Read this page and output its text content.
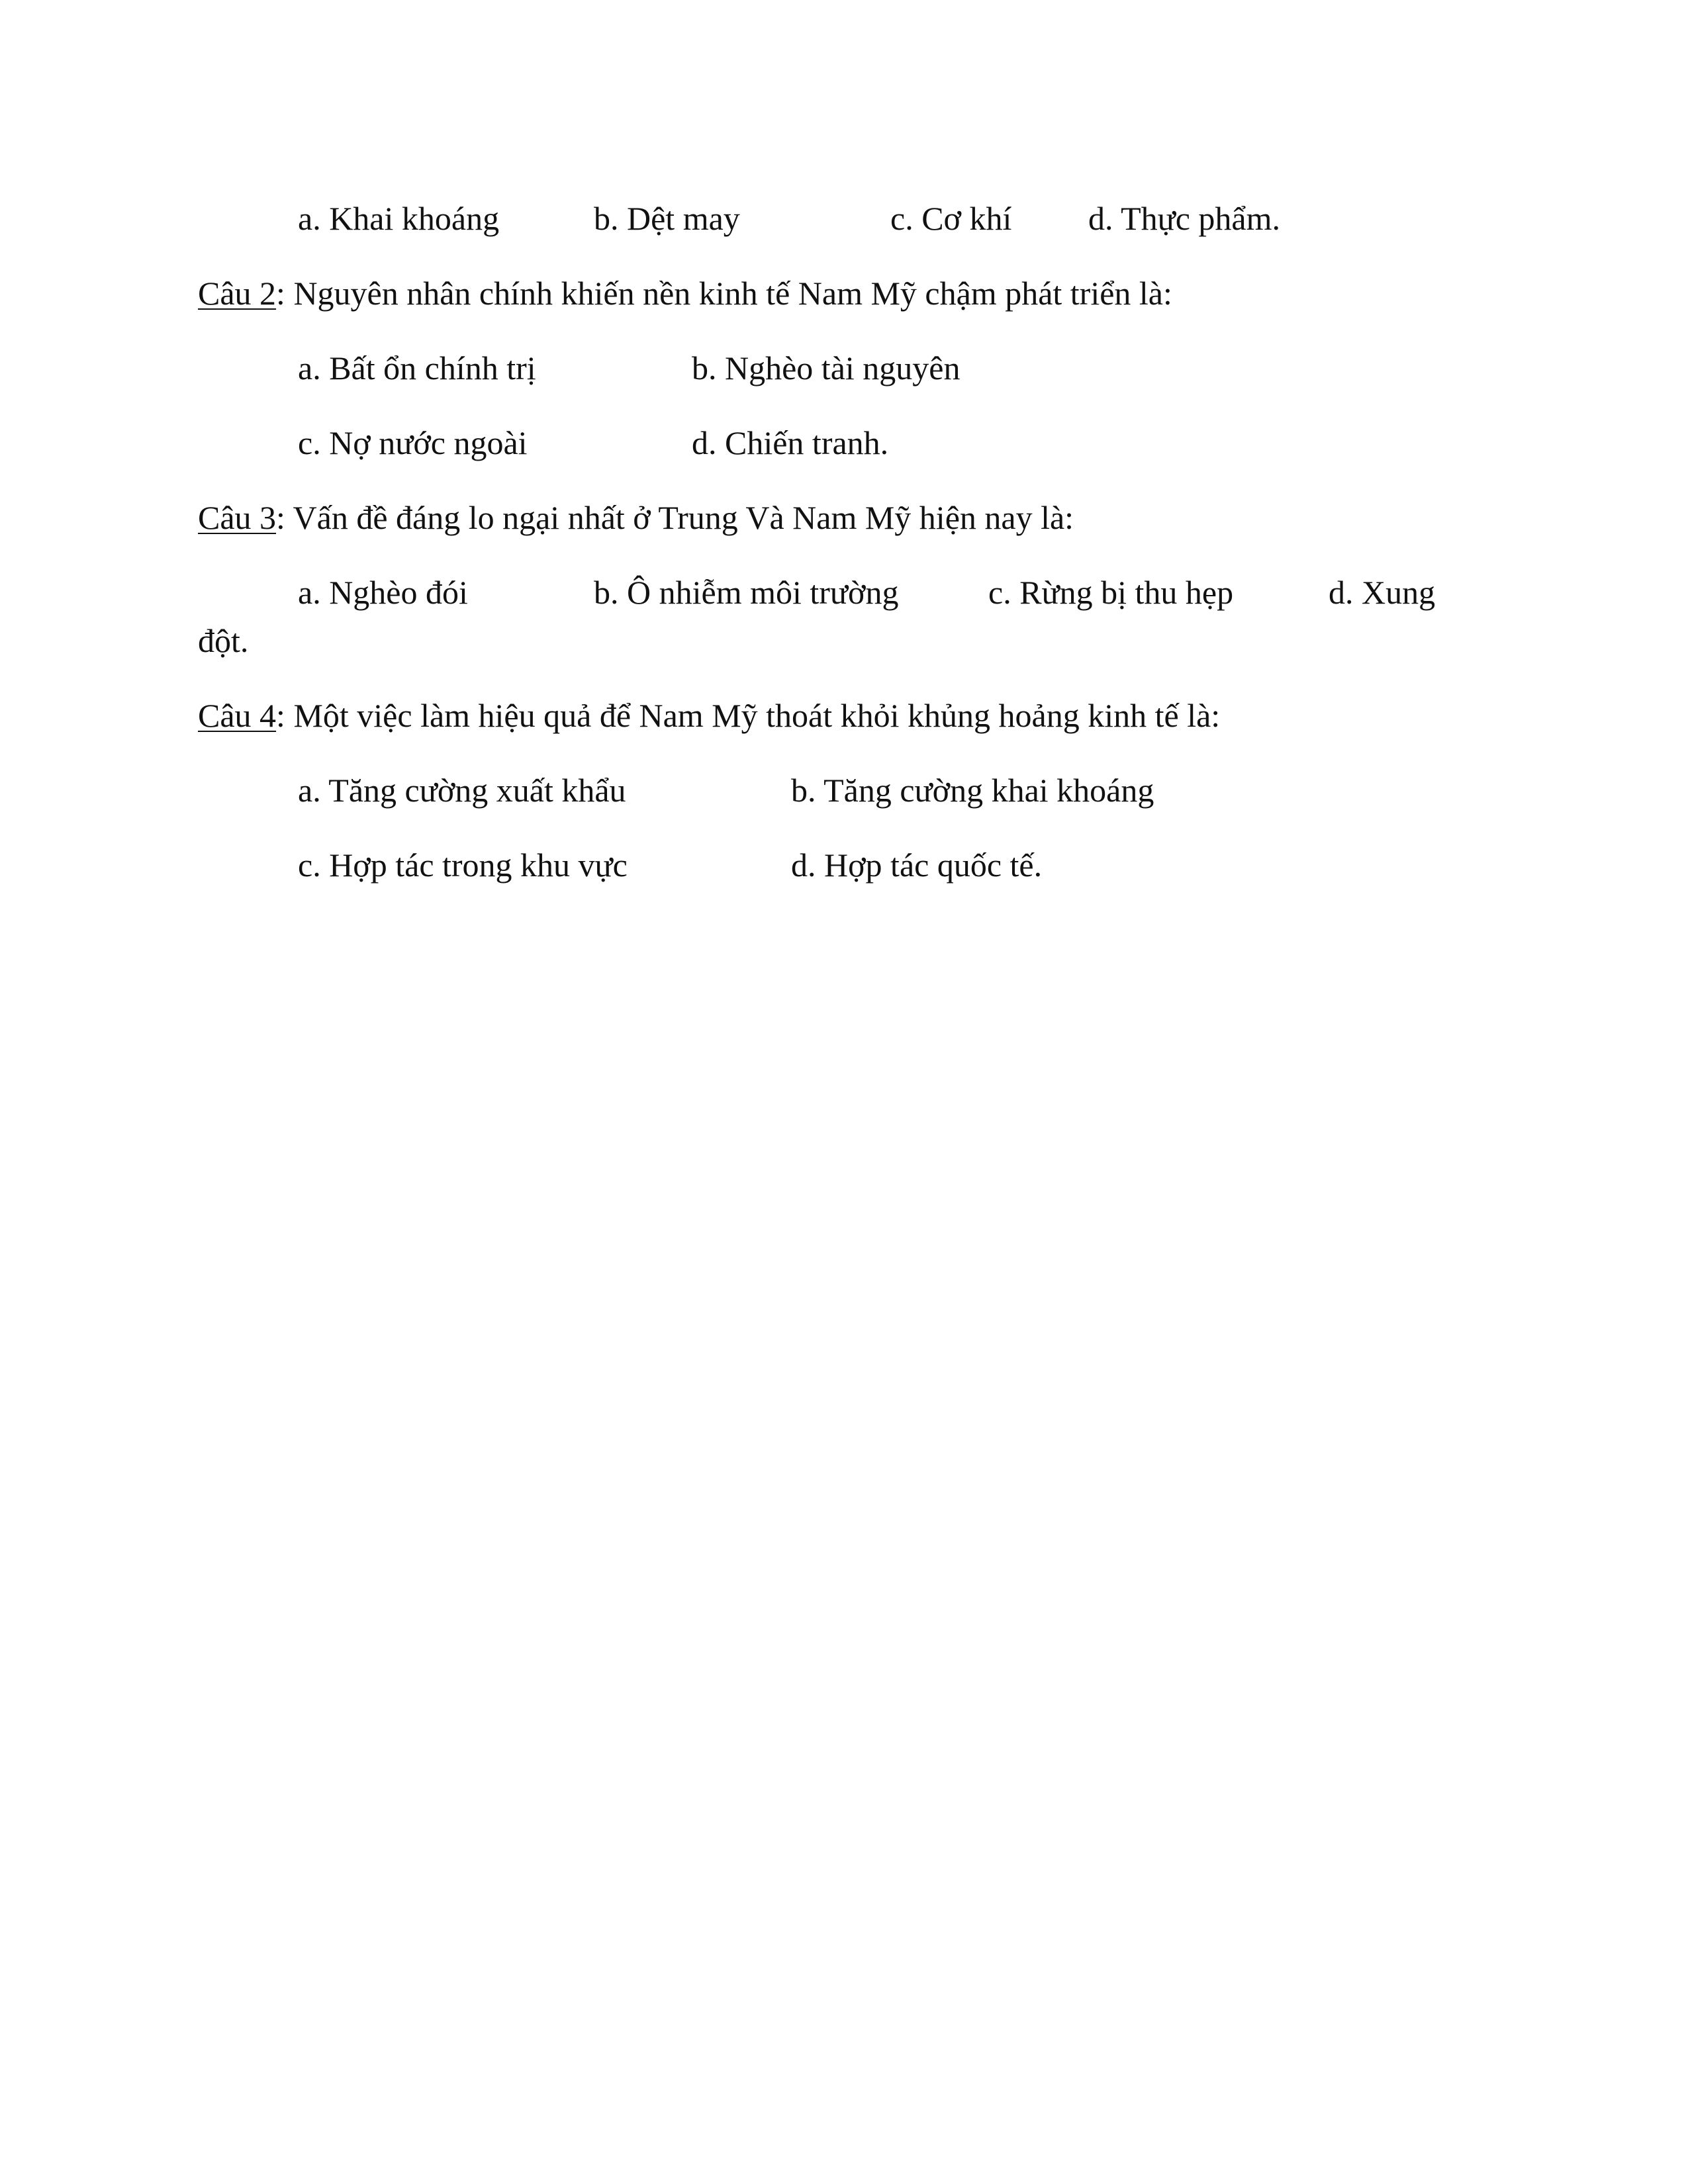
a. Khai khoáng	b. Dệt may	c. Cơ khí d. Thực phẩm.
Câu 2: Nguyên nhân chính khiến nền kinh tế Nam Mỹ chậm phát triển là:
a. Bất ổn chính trị	b. Nghèo tài nguyên
c. Nợ nước ngoài	d. Chiến tranh.
Câu 3: Vấn đề đáng lo ngại nhất ở Trung Và Nam Mỹ hiện nay là:
a. Nghèo đói	b. Ô nhiễm môi trường	c. Rừng bị thu hẹp	d. Xung
đột.
Câu 4: Một việc làm hiệu quả để Nam Mỹ thoát khỏi khủng hoảng kinh tế là:
a. Tăng cường xuất khẩu	b. Tăng cường khai khoáng
c. Hợp tác trong khu vực	d. Hợp tác quốc tế.
